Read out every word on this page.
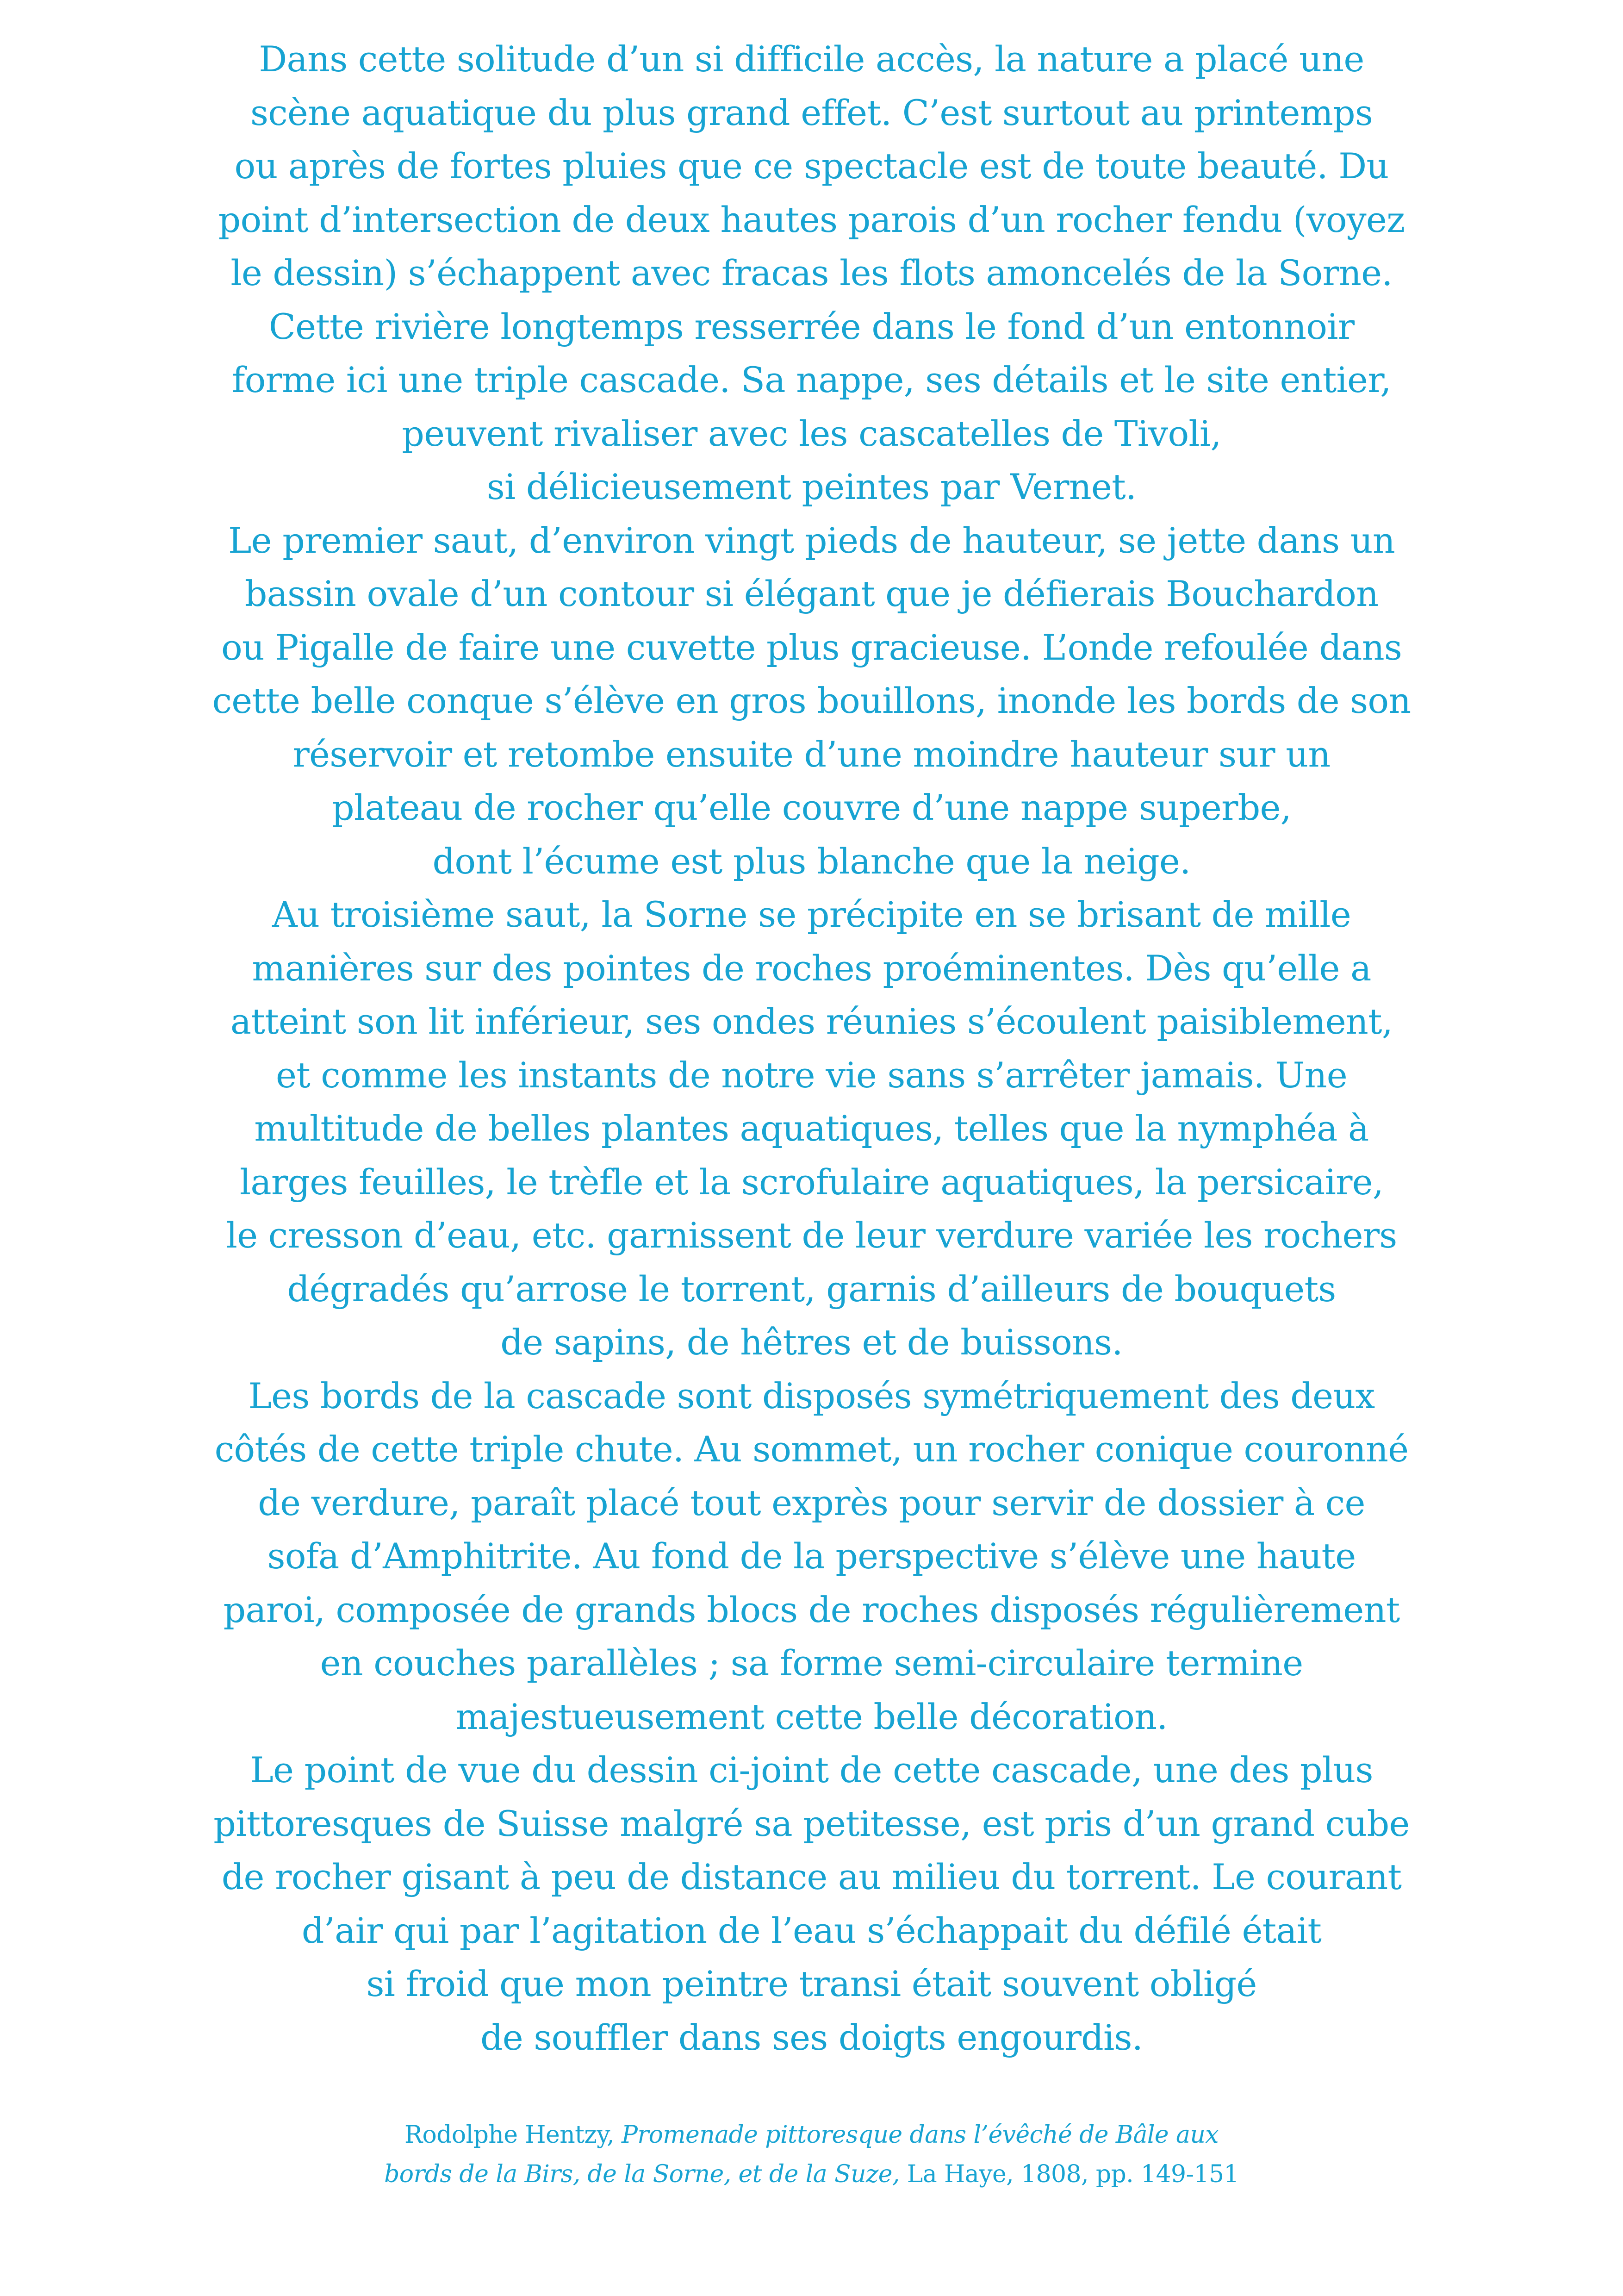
Dans cette solitude d’un si difficile accès, la nature a placé une
scène aquatique du plus grand effet. C’est surtout au printemps
ou après de fortes pluies que ce spectacle est de toute beauté. Du
point d’intersection de deux hautes parois d’un rocher fendu (voyez
le dessin) s’échappent avec fracas les flots amoncelés de la Sorne.
Cette rivière longtemps resserrée dans le fond d’un entonnoir
forme ici une triple cascade. Sa nappe, ses détails et le site entier,
peuvent rivaliser avec les cascatelles de Tivoli,
si délicieusement peintes par Vernet.
Le premier saut, d’environ vingt pieds de hauteur, se jette dans un
bassin ovale d’un contour si élégant que je défierais Bouchardon
ou Pigalle de faire une cuvette plus gracieuse. L’onde refoulée dans
cette belle conque s’élève en gros bouillons, inonde les bords de son
réservoir et retombe ensuite d’une moindre hauteur sur un
plateau de rocher qu’elle couvre d’une nappe superbe,
dont l’écume est plus blanche que la neige.
Au troisième saut, la Sorne se précipite en se brisant de mille
manières sur des pointes de roches proéminentes. Dès qu’elle a
atteint son lit inférieur, ses ondes réunies s’écoulent paisiblement,
et comme les instants de notre vie sans s’arrêter jamais. Une
multitude de belles plantes aquatiques, telles que la nymphéa à
larges feuilles, le trèfle et la scrofulaire aquatiques, la persicaire,
le cresson d’eau, etc. garnissent de leur verdure variée les rochers
dégradés qu’arrose le torrent, garnis d’ailleurs de bouquets
de sapins, de hêtres et de buissons.
Les bords de la cascade sont disposés symétriquement des deux
côtés de cette triple chute. Au sommet, un rocher conique couronné
de verdure, paraît placé tout exprès pour servir de dossier à ce
sofa d’Amphitrite. Au fond de la perspective s’élève une haute
paroi, composée de grands blocs de roches disposés régulièrement
en couches parallèles ; sa forme semi-circulaire termine
majestueusement cette belle décoration.
Le point de vue du dessin ci-joint de cette cascade, une des plus
pittoresques de Suisse malgré sa petitesse, est pris d’un grand cube
de rocher gisant à peu de distance au milieu du torrent. Le courant
d’air qui par l’agitation de l’eau s’échappait du défilé était
si froid que mon peintre transi était souvent obligé
de souffler dans ses doigts engourdis.
Rodolphe Hentzy, Promenade pittoresque dans l’évêché de Bâle aux
bords de la Birs, de la Sorne, et de la Suze, La Haye, 1808, pp. 149-151
